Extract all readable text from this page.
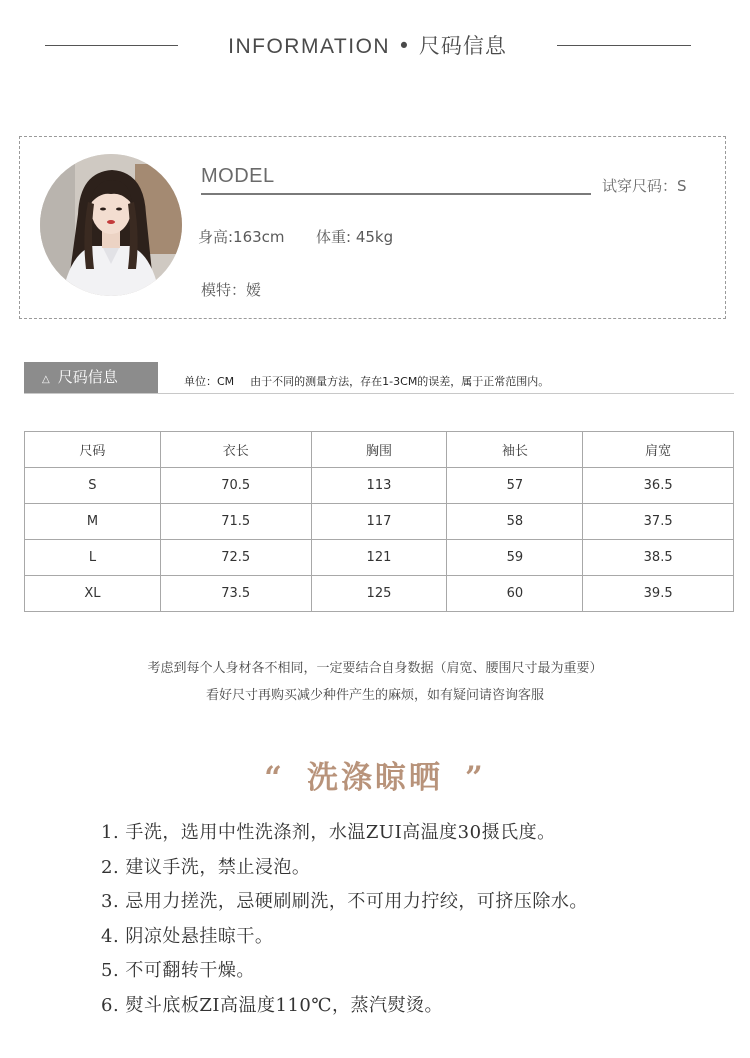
INFORMATION • 尺码信息
MODEL	试穿尺码：S
身高:163cm 体重: 45kg
模特：嫒
△ 尺码信息	单位：CM 由于不同的测量方法，存在1-3CM的误差，属于正常范围内。
尺码	衣长	胸围	袖长	肩宽
S	70.5	113	57	36.5
M	71.5	117	58	37.5
L	72.5	121	59	38.5
XL	73.5	125	60	39.5
考虑到每个人身材各不相同，一定要结合自身数据（肩宽、腰围尺寸最为重要）
看好尺寸再购买减少种件产生的麻烦，如有疑问请咨询客服
“ 洗涤晾晒 ”
1. 手洗，选用中性洗涤剂，水温ZUI高温度30摄氏度。
2. 建议手洗，禁止浸泡。
3. 忌用力搓洗，忌硬刷刷洗，不可用力拧绞，可挤压除水。
4. 阴凉处悬挂晾干。
5. 不可翻转干燥。
6. 熨斗底板ZI高温度110℃，蒸汽熨烫。
